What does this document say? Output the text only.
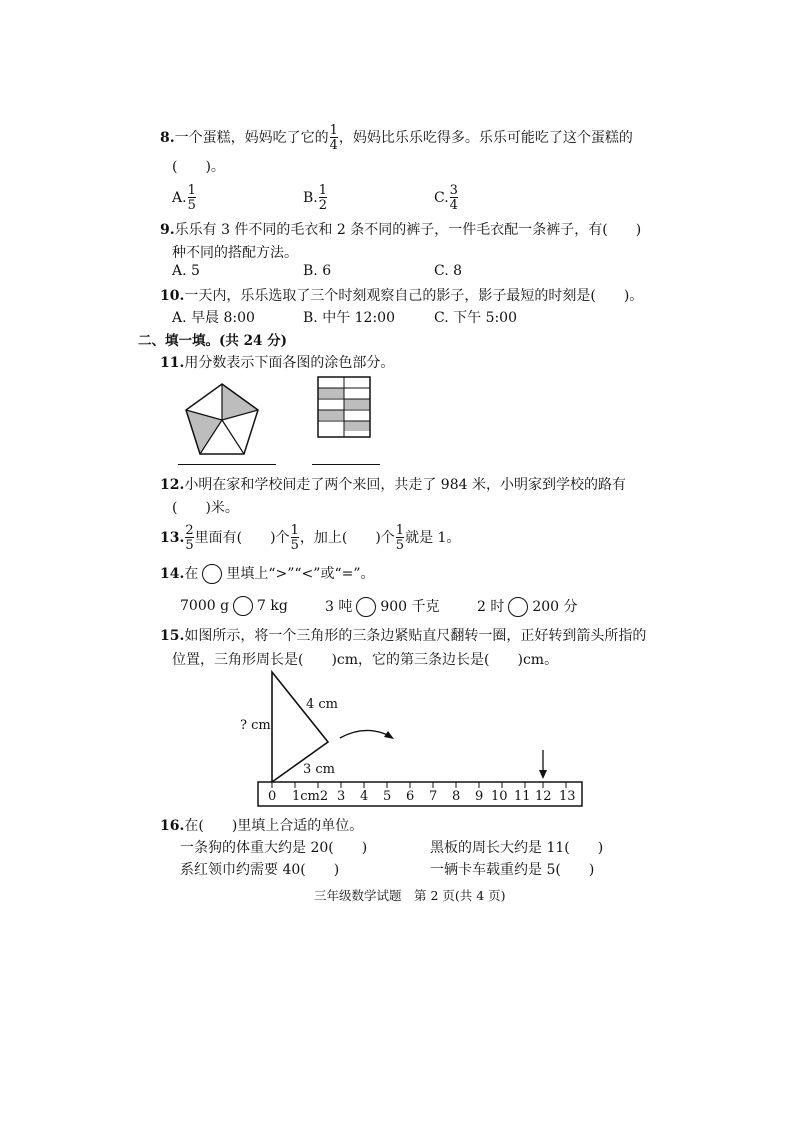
8.一个蛋糕，妈妈吃了它的 $\frac{1}{4}$ ，妈妈比乐乐吃得多。乐乐可能吃了这个蛋糕的
(　　)。
A. $\frac{1}{5}$	B. $\frac{1}{2}$	C. $\frac{3}{4}$
9.乐乐有 3 件不同的毛衣和 2 条不同的裤子，一件毛衣配一条裤子，有(　　)
种不同的搭配方法。
A. 5	B. 6	C. 8
10.一天内，乐乐选取了三个时刻观察自己的影子，影子最短的时刻是(　　)。
A. 早晨 8:00	B. 中午 12:00	C. 下午 5:00
二、填一填。(共 24 分)
11.用分数表示下面各图的涂色部分。
12.小明在家和学校间走了两个来回，共走了 984 米，小明家到学校的路有
(　　)米。
13. $\frac{2}{5}$ 里面有(　　)个 $\frac{1}{5}$ ，加上(　　)个 $\frac{1}{5}$ 就是 1。
14.在 里填上“>”“<”或“=”。
7000 g 7 kg	3 吨 900 千克	2 时 200 分
15.如图所示，将一个三角形的三条边紧贴直尺翻转一圈，正好转到箭头所指的
位置，三角形周长是(　　)cm，它的第三条边长是(　　)cm。
? cm
4 cm
3 cm
0 1cm2 3 4 5 6 7 8 9 10 11 12 13
16.在(　　)里填上合适的单位。
一条狗的体重大约是 20(　　)	黑板的周长大约是 11(　　)
系红领巾约需要 40(　　)	一辆卡车载重约是 5(　　)
三年级数学试题　第 2 页(共 4 页)
